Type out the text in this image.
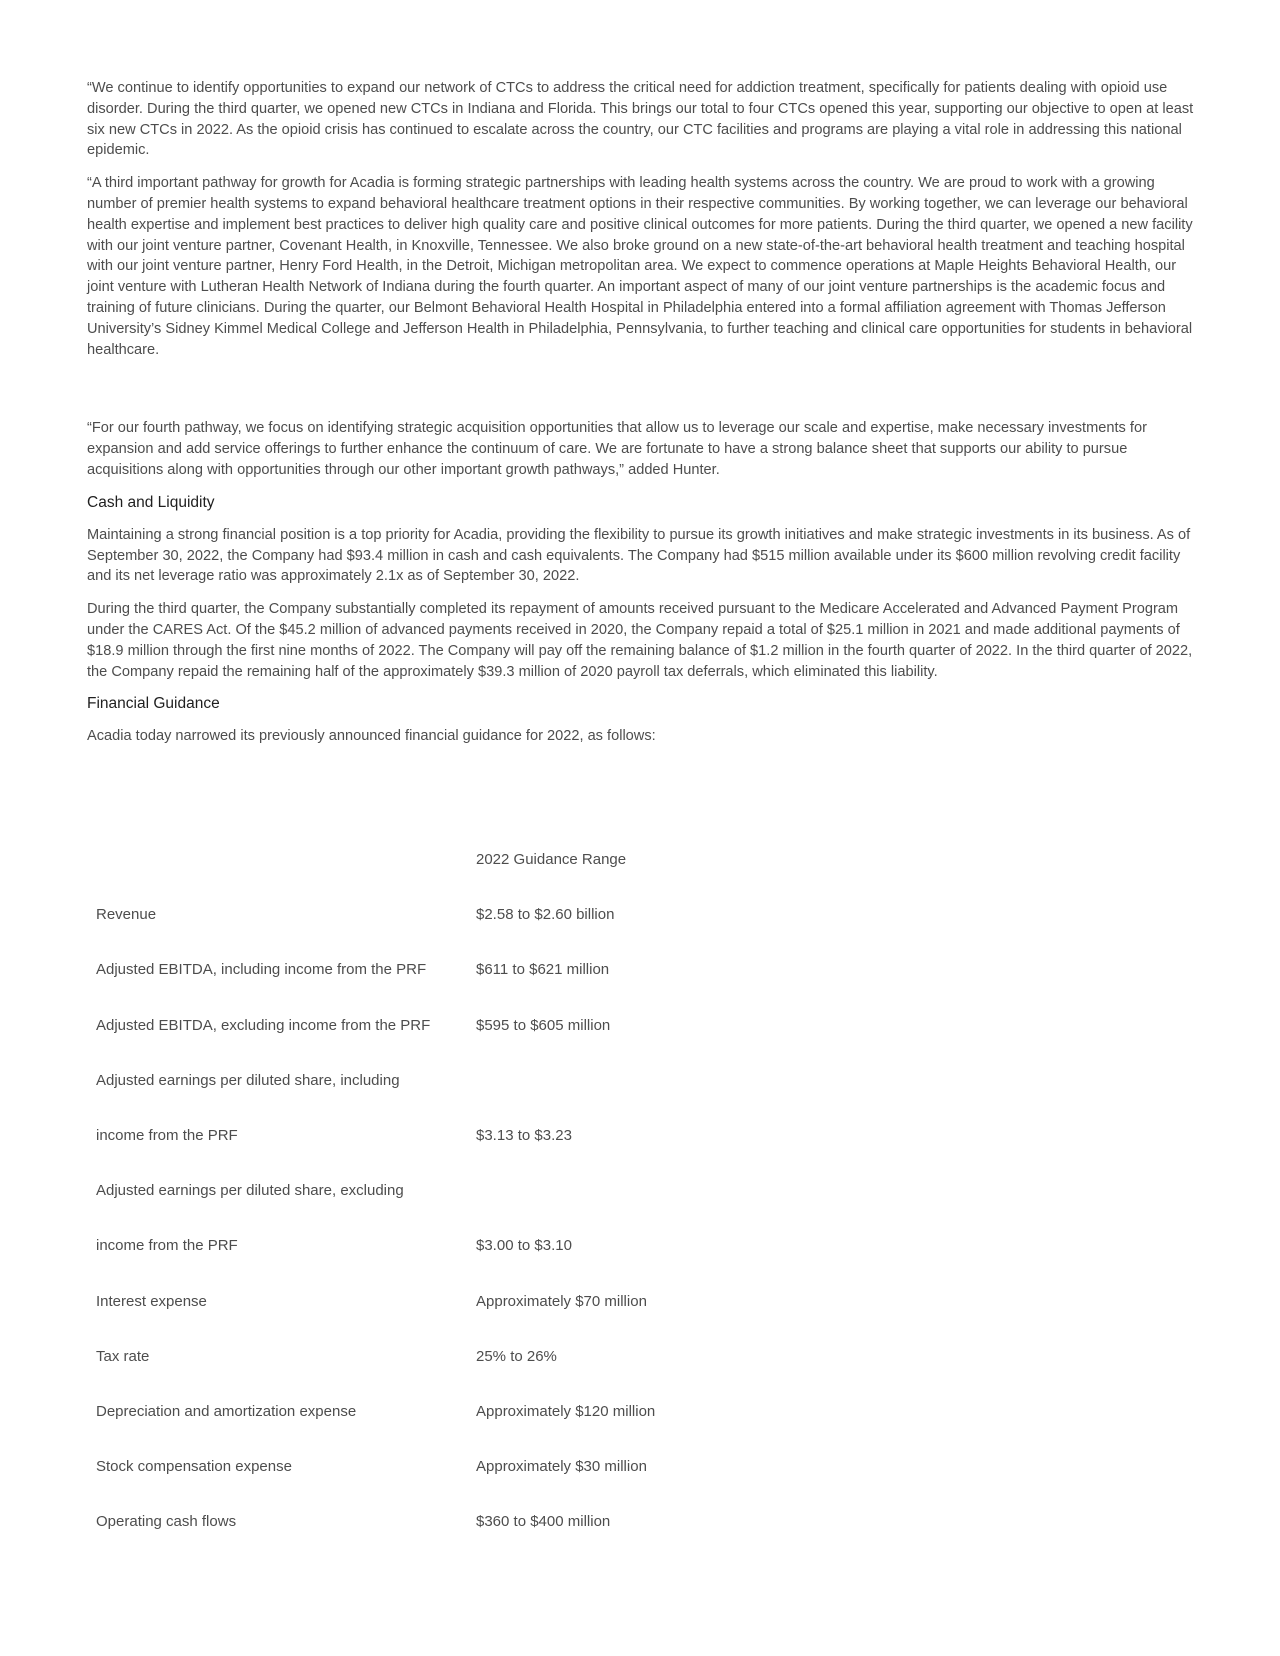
“We continue to identify opportunities to expand our network of CTCs to address the critical need for addiction treatment, specifically for patients dealing with opioid use disorder. During the third quarter, we opened new CTCs in Indiana and Florida. This brings our total to four CTCs opened this year, supporting our objective to open at least six new CTCs in 2022. As the opioid crisis has continued to escalate across the country, our CTC facilities and programs are playing a vital role in addressing this national epidemic.

“A third important pathway for growth for Acadia is forming strategic partnerships with leading health systems across the country. We are proud to work with a growing number of premier health systems to expand behavioral healthcare treatment options in their respective communities. By working together, we can leverage our behavioral health expertise and implement best practices to deliver high quality care and positive clinical outcomes for more patients. During the third quarter, we opened a new facility with our joint venture partner, Covenant Health, in Knoxville, Tennessee. We also broke ground on a new state-of-the-art behavioral health treatment and teaching hospital with our joint venture partner, Henry Ford Health, in the Detroit, Michigan metropolitan area. We expect to commence operations at Maple Heights Behavioral Health, our joint venture with Lutheran Health Network of Indiana during the fourth quarter. An important aspect of many of our joint venture partnerships is the academic focus and training of future clinicians. During the quarter, our Belmont Behavioral Health Hospital in Philadelphia entered into a formal affiliation agreement with Thomas Jefferson University’s Sidney Kimmel Medical College and Jefferson Health in Philadelphia, Pennsylvania, to further teaching and clinical care opportunities for students in behavioral healthcare.

“For our fourth pathway, we focus on identifying strategic acquisition opportunities that allow us to leverage our scale and expertise, make necessary investments for expansion and add service offerings to further enhance the continuum of care. We are fortunate to have a strong balance sheet that supports our ability to pursue acquisitions along with opportunities through our other important growth pathways,” added Hunter.

Cash and Liquidity

Maintaining a strong financial position is a top priority for Acadia, providing the flexibility to pursue its growth initiatives and make strategic investments in its business. As of September 30, 2022, the Company had $93.4 million in cash and cash equivalents. The Company had $515 million available under its $600 million revolving credit facility and its net leverage ratio was approximately 2.1x as of September 30, 2022.

During the third quarter, the Company substantially completed its repayment of amounts received pursuant to the Medicare Accelerated and Advanced Payment Program under the CARES Act. Of the $45.2 million of advanced payments received in 2020, the Company repaid a total of $25.1 million in 2021 and made additional payments of $18.9 million through the first nine months of 2022. The Company will pay off the remaining balance of $1.2 million in the fourth quarter of 2022. In the third quarter of 2022, the Company repaid the remaining half of the approximately $39.3 million of 2020 payroll tax deferrals, which eliminated this liability.

Financial Guidance

Acadia today narrowed its previously announced financial guidance for 2022, as follows:

	2022 Guidance Range
Revenue	$2.58 to $2.60 billion
Adjusted EBITDA, including income from the PRF	$611 to $621 million
Adjusted EBITDA, excluding income from the PRF	$595 to $605 million
Adjusted earnings per diluted share, including	
income from the PRF	$3.13 to $3.23
Adjusted earnings per diluted share, excluding	
income from the PRF	$3.00 to $3.10
Interest expense	Approximately $70 million
Tax rate	25% to 26%
Depreciation and amortization expense	Approximately $120 million
Stock compensation expense	Approximately $30 million
Operating cash flows	$360 to $400 million
